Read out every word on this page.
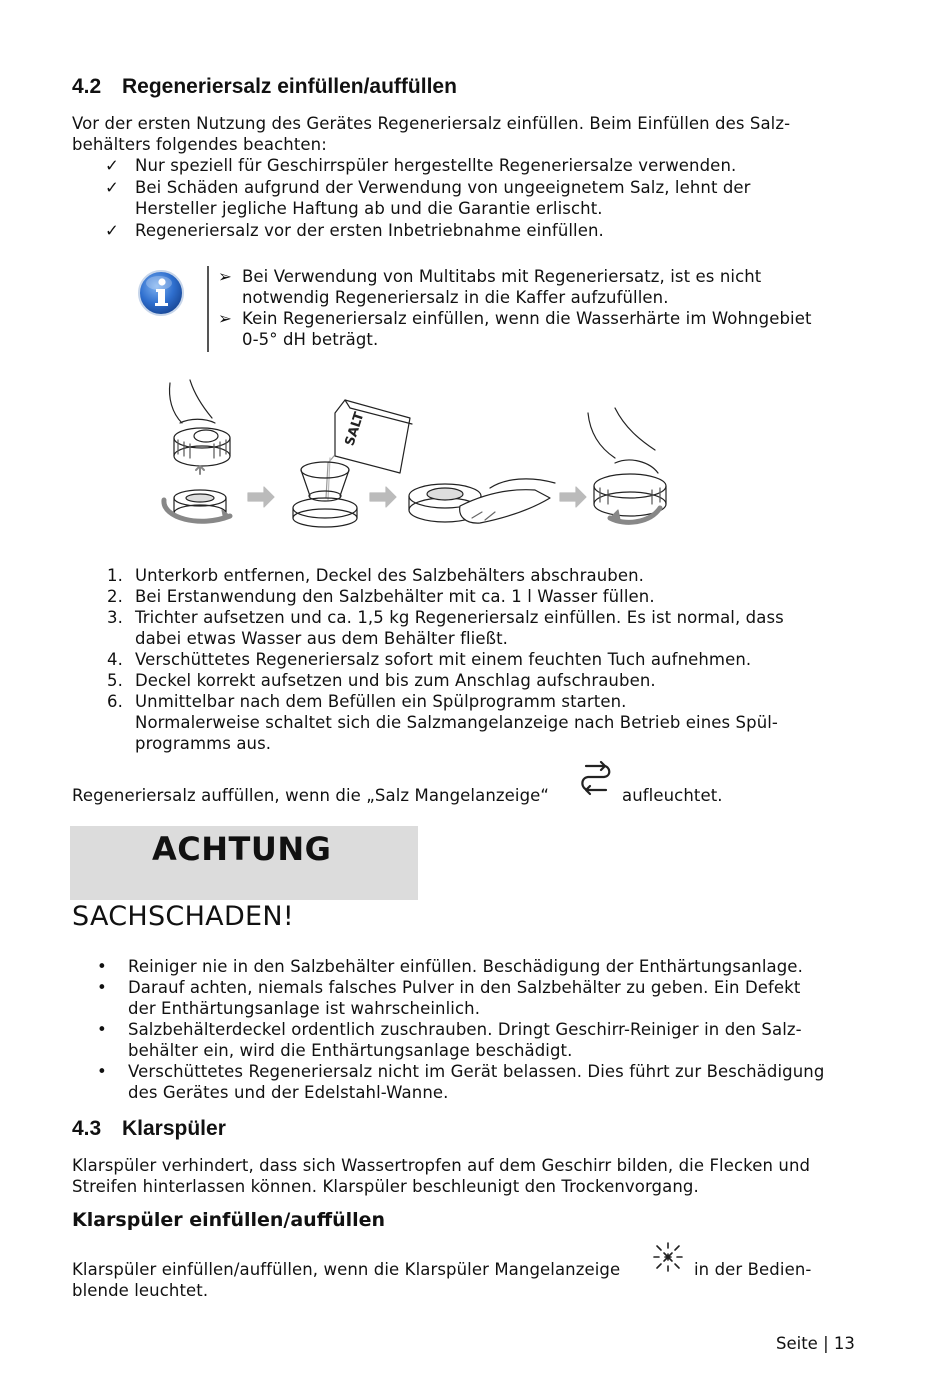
4.2 Regeneriersalz einfüllen/auffüllen
Vor der ersten Nutzung des Gerätes Regeneriersalz einfüllen. Beim Einfüllen des Salz-
behälters folgendes beachten:
✓ Nur speziell für Geschirrspüler hergestellte Regeneriersalze verwenden.
✓ Bei Schäden aufgrund der Verwendung von ungeeignetem Salz, lehnt der
Hersteller jegliche Haftung ab und die Garantie erlischt.
✓ Regeneriersalz vor der ersten Inbetriebnahme einfüllen.
➢ Bei Verwendung von Multitabs mit Regeneriersatz, ist es nicht
notwendig Regeneriersalz in die Kaffer aufzufüllen.
➢ Kein Regeneriersalz einfüllen, wenn die Wasserhärte im Wohngebiet
0-5° dH beträgt.
SALT
1. Unterkorb entfernen, Deckel des Salzbehälters abschrauben.
2. Bei Erstanwendung den Salzbehälter mit ca. 1 l Wasser füllen.
3. Trichter aufsetzen und ca. 1,5 kg Regeneriersalz einfüllen. Es ist normal, dass
dabei etwas Wasser aus dem Behälter fließt.
4. Verschüttetes Regeneriersalz sofort mit einem feuchten Tuch aufnehmen.
5. Deckel korrekt aufsetzen und bis zum Anschlag aufschrauben.
6. Unmittelbar nach dem Befüllen ein Spülprogramm starten.
Normalerweise schaltet sich die Salzmangelanzeige nach Betrieb eines Spül-
programms aus.
Regeneriersalz auffüllen, wenn die „Salz Mangelanzeige“	aufleuchtet.
ACHTUNG
SACHSCHADEN!
• Reiniger nie in den Salzbehälter einfüllen. Beschädigung der Enthärtungsanlage.
• Darauf achten, niemals falsches Pulver in den Salzbehälter zu geben. Ein Defekt
der Enthärtungsanlage ist wahrscheinlich.
• Salzbehälterdeckel ordentlich zuschrauben. Dringt Geschirr-Reiniger in den Salz-
behälter ein, wird die Enthärtungsanlage beschädigt.
• Verschüttetes Regeneriersalz nicht im Gerät belassen. Dies führt zur Beschädigung
des Gerätes und der Edelstahl-Wanne.
4.3 Klarspüler
Klarspüler verhindert, dass sich Wassertropfen auf dem Geschirr bilden, die Flecken und
Streifen hinterlassen können. Klarspüler beschleunigt den Trockenvorgang.
Klarspüler einfüllen/auffüllen
Klarspüler einfüllen/auffüllen, wenn die Klarspüler Mangelanzeige	in der Bedien-
blende leuchtet.
Seite | 13
